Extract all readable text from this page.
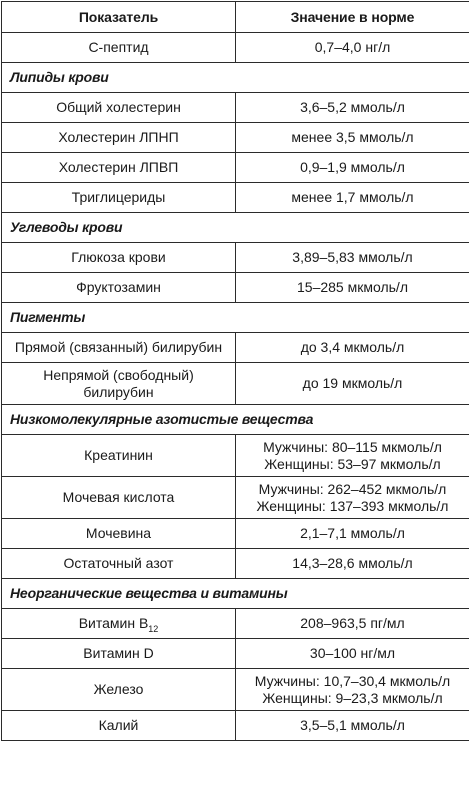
Показатель	Значение в норме
С-пептид	0,7–4,0 нг/л
Липиды крови	
Общий холестерин	3,6–5,2 ммоль/л
Холестерин ЛПНП	менее 3,5 ммоль/л
Холестерин ЛПВП	0,9–1,9 ммоль/л
Триглицериды	менее 1,7 ммоль/л
Углеводы крови	
Глюкоза крови	3,89–5,83 ммоль/л
Фруктозамин	15–285 мкмоль/л
Пигменты	
Прямой (связанный) билирубин	до 3,4 мкмоль/л

Непрямой (свободный)
билирубин	до 19 мкмоль/л
Низкомолекулярные азотистые вещества	
Креатинин	Мужчины: 80–115 мкмоль/л
Женщины: 53–97 мкмоль/л

Мочевая кислота	Мужчины: 262–452 мкмоль/л
Женщины: 137–393 мкмоль/л

Мочевина	2,1–7,1 ммоль/л
Остаточный азот	14,3–28,6 ммоль/л
Неорганические вещества и витамины	
Витамин $B_{12}$	208–963,5 пг/мл
Витамин D	30–100 нг/мл
Железо	Мужчины: 10,7–30,4 мкмоль/л
Женщины: 9–23,3 мкмоль/л

Калий	3,5–5,1 ммоль/л
